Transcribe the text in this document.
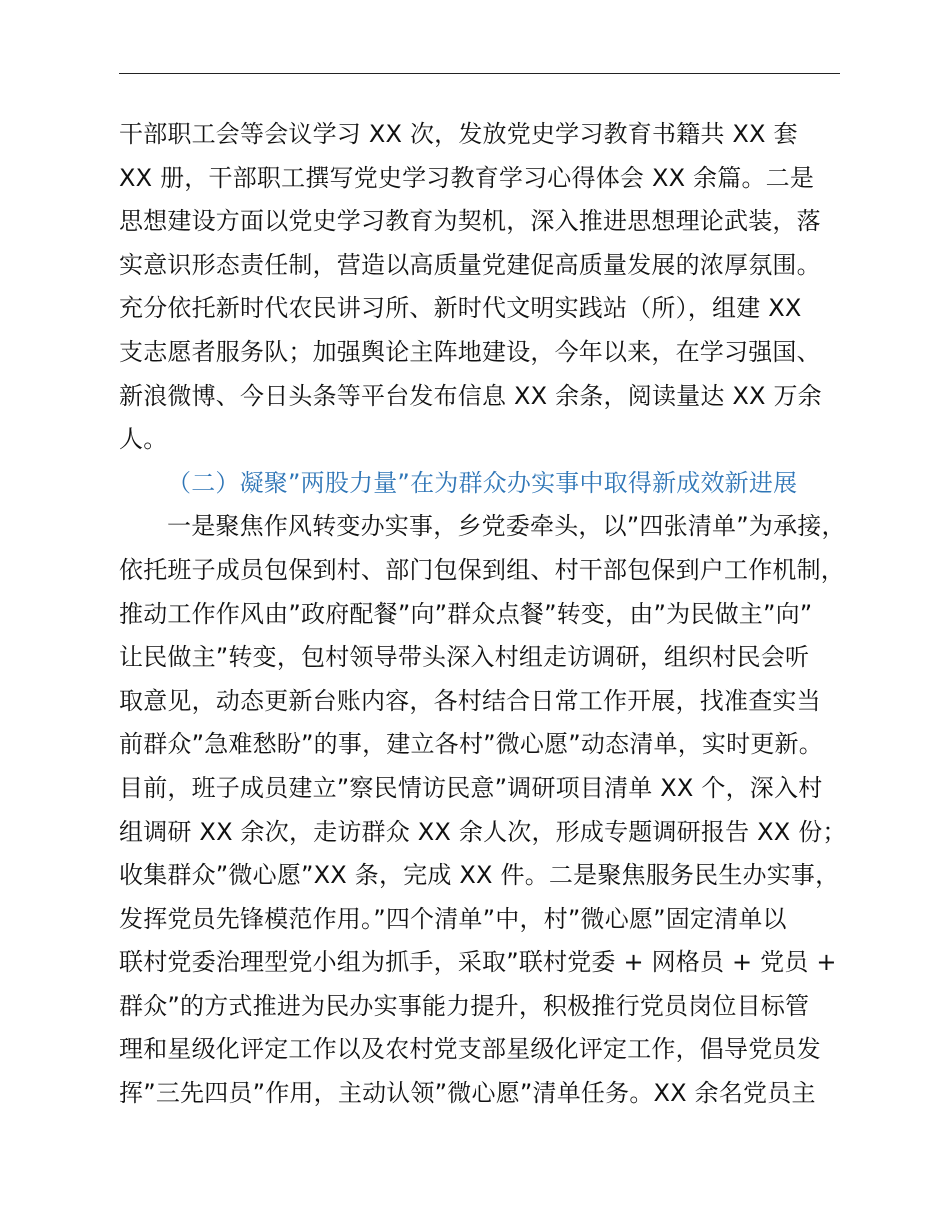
干部职工会等会议学习 XX 次，发放党史学习教育书籍共 XX 套
XX 册，干部职工撰写党史学习教育学习心得体会 XX 余篇。二是
思想建设方面以党史学习教育为契机，深入推进思想理论武装，落
实意识形态责任制，营造以高质量党建促高质量发展的浓厚氛围。
充分依托新时代农民讲习所、新时代文明实践站（所），组建 XX
支志愿者服务队；加强舆论主阵地建设，今年以来，在学习强国、
新浪微博、今日头条等平台发布信息 XX 余条，阅读量达 XX 万余
人。
（二）凝聚”两股力量”在为群众办实事中取得新成效新进展
一是聚焦作风转变办实事，乡党委牵头，以”四张清单”为承接，
依托班子成员包保到村、部门包保到组、村干部包保到户工作机制，
推动工作作风由”政府配餐”向”群众点餐”转变，由”为民做主”向”
让民做主”转变，包村领导带头深入村组走访调研，组织村民会听
取意见，动态更新台账内容，各村结合日常工作开展，找准查实当
前群众”急难愁盼”的事，建立各村”微心愿”动态清单，实时更新。
目前，班子成员建立”察民情访民意”调研项目清单 XX 个，深入村
组调研 XX 余次，走访群众 XX 余人次，形成专题调研报告 XX 份；
收集群众”微心愿”XX 条，完成 XX 件。二是聚焦服务民生办实事，
发挥党员先锋模范作用。”四个清单”中，村”微心愿”固定清单以
联村党委治理型党小组为抓手，采取”联村党委 + 网格员 + 党员 +
群众”的方式推进为民办实事能力提升，积极推行党员岗位目标管
理和星级化评定工作以及农村党支部星级化评定工作，倡导党员发
挥”三先四员”作用，主动认领”微心愿”清单任务。XX 余名党员主
